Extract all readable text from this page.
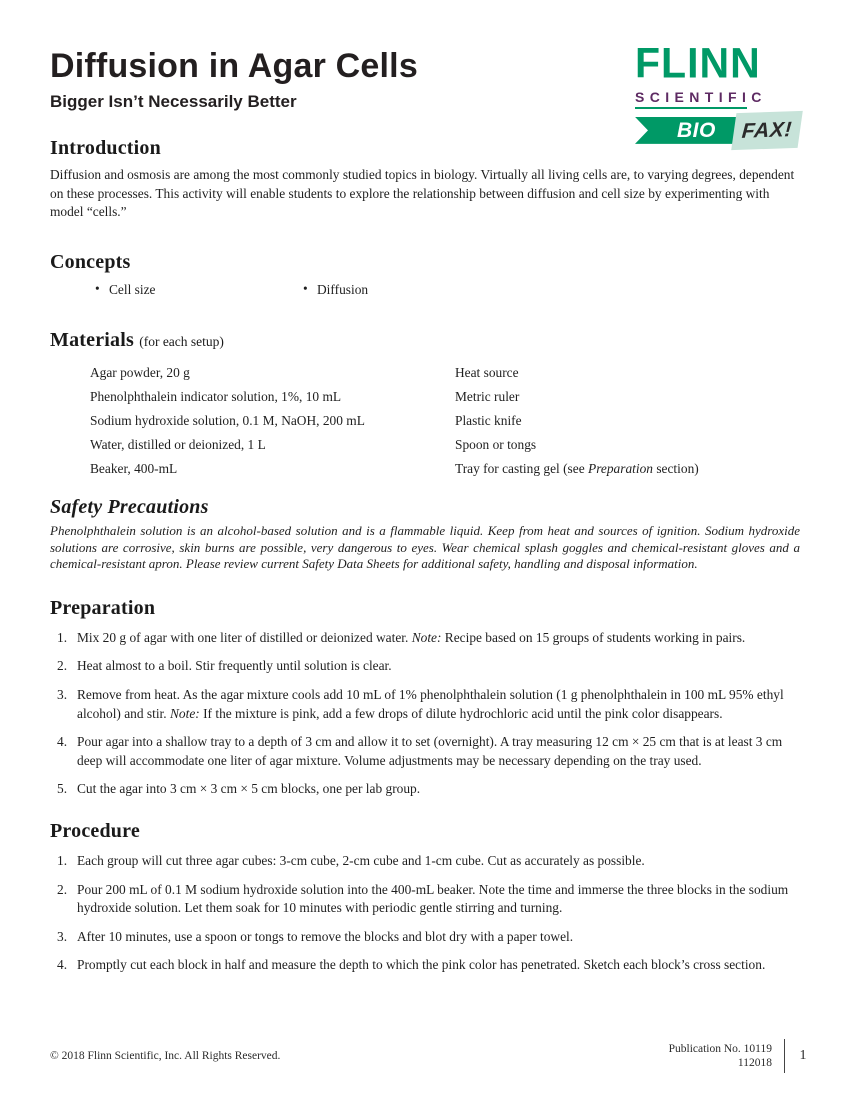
FLINN
SCIENTIFIC
BIO FAX!
Diffusion in Agar Cells
Bigger Isn’t Necessarily Better
Introduction

Diffusion and osmosis are among the most commonly studied topics in biology. Virtually all living cells are, to varying degrees, dependent on these processes. This activity will enable students to explore the relationship between diffusion and cell size by experimenting with model “cells.”

Concepts
• Cell size	• Diffusion
Materials (for each setup)
Agar powder, 20 g	Heat source
Phenolphthalein indicator solution, 1%, 10 mL	Metric ruler
Sodium hydroxide solution, 0.1 M, NaOH, 200 mL	Plastic knife
Water, distilled or deionized, 1 L	Spoon or tongs
Beaker, 400-mL	Tray for casting gel (see Preparation section)
Safety Precautions

Phenolphthalein solution is an alcohol-based solution and is a flammable liquid. Keep from heat and sources of ignition. Sodium hydroxide solutions are corrosive, skin burns are possible, very dangerous to eyes. Wear chemical splash goggles and chemical-resistant gloves and a chemical-resistant apron. Please review current Safety Data Sheets for additional safety, handling and disposal information.

Preparation
Mix 20 g of agar with one liter of distilled or deionized water. Note: Recipe based on 15 groups of students working in pairs.
Heat almost to a boil. Stir frequently until solution is clear.
Remove from heat. As the agar mixture cools add 10 mL of 1% phenolphthalein solution (1 g phenolphthalein in 100 mL 95% ethyl alcohol) and stir. Note: If the mixture is pink, add a few drops of dilute hydrochloric acid until the pink color disappears.
Pour agar into a shallow tray to a depth of 3 cm and allow it to set (overnight). A tray measuring 12 cm × 25 cm that is at least 3 cm deep will accommodate one liter of agar mixture. Volume adjustments may be necessary depending on the tray used.
Cut the agar into 3 cm × 3 cm × 5 cm blocks, one per lab group.
Procedure
Each group will cut three agar cubes: 3-cm cube, 2-cm cube and 1-cm cube. Cut as accurately as possible.
Pour 200 mL of 0.1 M sodium hydroxide solution into the 400-mL beaker. Note the time and immerse the three blocks in the sodium hydroxide solution. Let them soak for 10 minutes with periodic gentle stirring and turning.
After 10 minutes, use a spoon or tongs to remove the blocks and blot dry with a paper towel.
Promptly cut each block in half and measure the depth to which the pink color has penetrated. Sketch each block’s cross section.
© 2018 Flinn Scientific, Inc. All Rights Reserved.
Publication No. 10119
112018 1
